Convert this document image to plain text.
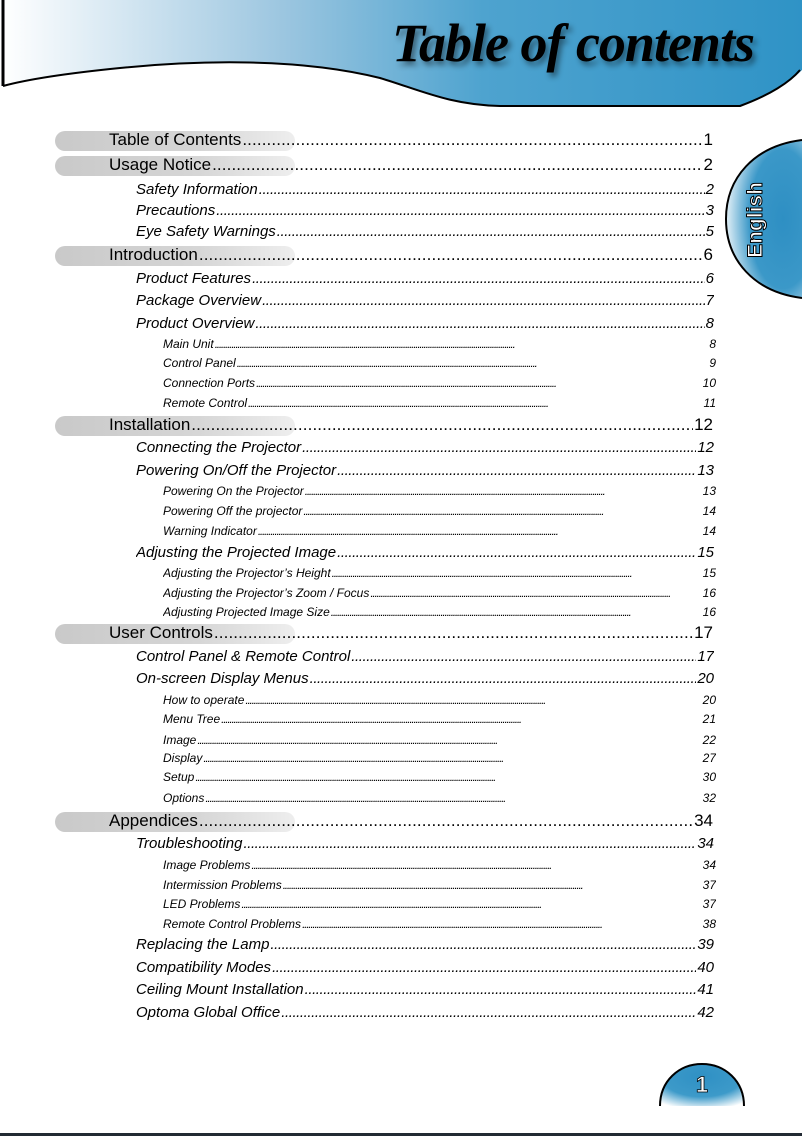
Table of contents
English
Table of Contents . . .	1
Usage Notice . . .	2
Safety Information . . .	2
Precautions . . .	3
Eye Safety Warnings . . .	5
Introduction . . .	6
Product Features . . .	6
Package Overview . . .	7
Product Overview . . .	8
Main Unit . . .	8
Control Panel . . .	9
Connection Ports . . .	10
Remote Control . . .	11
Installation . . .	12
Connecting the Projector . . .	12
Powering On/Off the Projector . . .	13
Powering On the Projector . . .	13
Powering Off the projector . . .	14
Warning Indicator . . .	14
Adjusting the Projected Image . . .	15
Adjusting the Projector’s Height . . .	15
Adjusting the Projector’s Zoom / Focus . . .	16
Adjusting Projected Image Size . . .	16
User Controls . . .	17
Control Panel & Remote Control . . .	17
On-screen Display Menus . . .	20
How to operate . . .	20
Menu Tree . . .	21
Image . . .	22
Display . . .	27
Setup . . .	30
Options . . .	32
Appendices . . .	34
Troubleshooting . . .	34
Image Problems . . .	34
Intermission Problems . . .	37
LED Problems . . .	37
Remote Control Problems . . .	38
Replacing the Lamp . . .	39
Compatibility Modes . . .	40
Ceiling Mount Installation . . .	41
Optoma Global Office . . .	42
1
